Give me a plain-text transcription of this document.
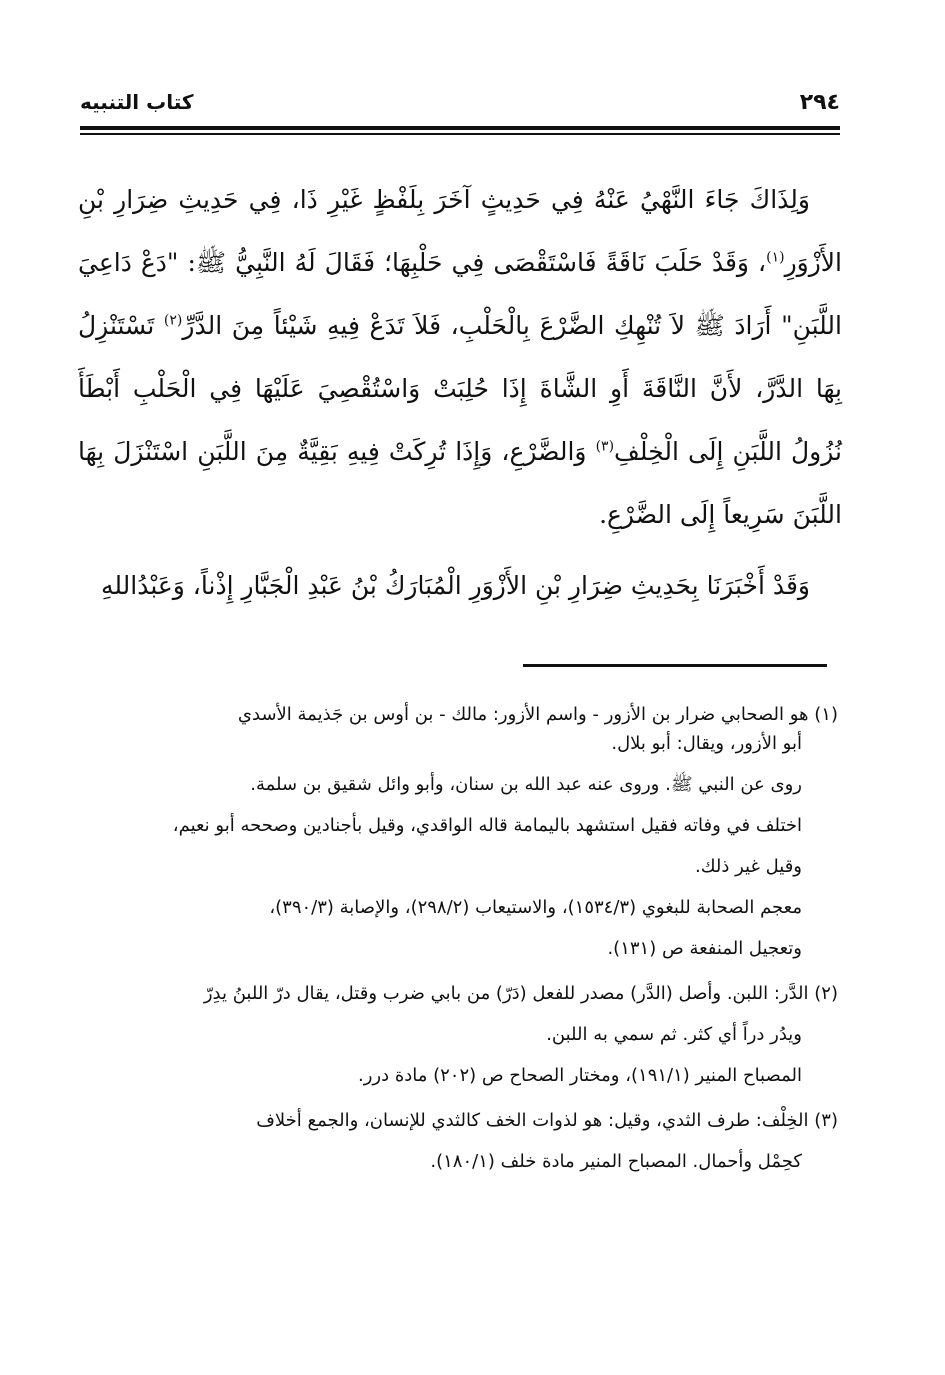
٢٩٤
كتاب التنبيه

وَلِذَاكَ جَاءَ النَّهْيُ عَنْهُ فِي حَدِيثٍ آخَرَ بِلَفْظٍ غَيْرِ ذَا، فِي حَدِيثِ ضِرَارِ بْنِ الأَزْوَرِ$^{(١)}$، وَقَدْ حَلَبَ نَاقَةً فَاسْتَقْصَى فِي حَلْبِهَا؛ فَقَالَ لَهُ النَّبِيُّ ﷺ: "دَعْ دَاعِيَ اللَّبَنِ" أَرَادَ ﷺ لاَ تُنْهِكِ الضَّرْعَ بِالْحَلْبِ، فَلاَ تَدَعْ فِيهِ شَيْئاً مِنَ الدَّرِّ$^{(٢)}$ تَسْتَنْزِلُ بِهَا الدَّرَّ، لأَنَّ النَّاقَةَ أَوِ الشَّاةَ إِذَا حُلِبَتْ وَاسْتُقْصِيَ عَلَيْهَا فِي الْحَلْبِ أَبْطَأَ نُزُولُ اللَّبَنِ إِلَى الْخِلْفِ$^{(٣)}$ وَالضَّرْعِ، وَإِذَا تُرِكَتْ فِيهِ بَقِيَّةٌ مِنَ اللَّبَنِ اسْتَنْزَلَ بِهَا اللَّبَنَ سَرِيعاً إِلَى الضَّرْعِ.

وَقَدْ أَخْبَرَنَا بِحَدِيثِ ضِرَارِ بْنِ الأَزْوَرِ الْمُبَارَكُ بْنُ عَبْدِ الْجَبَّارِ إِذْناً، وَعَبْدُاللهِ

(١) هو الصحابي ضرار بن الأزور - واسم الأزور: مالك - بن أوس بن جَذيمة الأسدي
أبو الأزور، ويقال: أبو بلال.
روى عن النبي ﷺ. وروى عنه عبد الله بن سنان، وأبو وائل شقيق بن سلمة.
اختلف في وفاته فقيل استشهد باليمامة قاله الواقدي، وقيل بأجنادين وصححه أبو نعيم،
وقيل غير ذلك.
معجم الصحابة للبغوي (١٥٣٤/٣)، والاستيعاب (٢٩٨/٢)، والإصابة (٣٩٠/٣)،
وتعجيل المنفعة ص (١٣١).
(٢) الدَّر: اللبن. وأصل (الدَّر) مصدر للفعل (دَرّ) من بابي ضرب وقتل، يقال درّ اللبنُ يدِرّ
ويدُر دراً أي كثر. ثم سمي به اللبن.
المصباح المنير (١٩١/١)، ومختار الصحاح ص (٢٠٢) مادة درر.
(٣) الخِلْف: طرف الثدي، وقيل: هو لذوات الخف كالثدي للإنسان، والجمع أخلاف
كحِمْل وأحمال. المصباح المنير مادة خلف (١٨٠/١).
